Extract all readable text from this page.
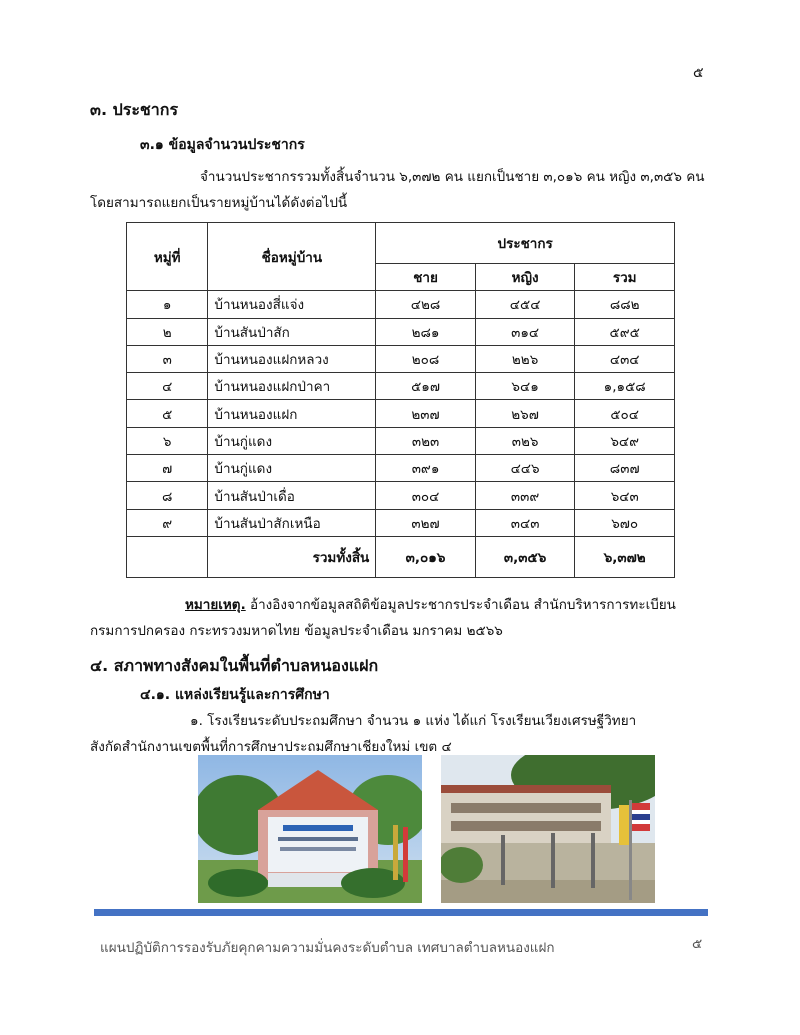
๕
๓. ประชากร
๓.๑ ข้อมูลจำนวนประชากร
จำนวนประชากรรวมทั้งสิ้นจำนวน ๖,๓๗๒ คน แยกเป็นชาย ๓,๐๑๖ คน หญิง ๓,๓๕๖ คน
โดยสามารถแยกเป็นรายหมู่บ้านได้ดังต่อไปนี้
หมู่ที่	ชื่อหมู่บ้าน	ประชากร		
		ชาย	หญิง	รวม
๑	บ้านหนองสี่แจ่ง	๔๒๘	๔๕๔	๘๘๒
๒	บ้านสันป่าสัก	๒๘๑	๓๑๔	๕๙๕
๓	บ้านหนองแฝกหลวง	๒๐๘	๒๒๖	๔๓๔
๔	บ้านหนองแฝกป่าคา	๕๑๗	๖๔๑	๑,๑๕๘
๕	บ้านหนองแฝก	๒๓๗	๒๖๗	๕๐๔
๖	บ้านกู่แดง	๓๒๓	๓๒๖	๖๔๙
๗	บ้านกู่แดง	๓๙๑	๔๔๖	๘๓๗
๘	บ้านสันป่าเดื่อ	๓๐๔	๓๓๙	๖๔๓
๙	บ้านสันป่าสักเหนือ	๓๒๗	๓๔๓	๖๗๐
	รวมทั้งสิ้น	๓,๐๑๖	๓,๓๕๖	๖,๓๗๒
หมายเหตุ. อ้างอิงจากข้อมูลสถิติข้อมูลประชากรประจำเดือน สำนักบริหารการทะเบียน
กรมการปกครอง กระทรวงมหาดไทย ข้อมูลประจำเดือน มกราคม ๒๕๖๖
๔. สภาพทางสังคมในพื้นที่ตำบลหนองแฝก
๔.๑. แหล่งเรียนรู้และการศึกษา
๑. โรงเรียนระดับประถมศึกษา จำนวน ๑ แห่ง ได้แก่ โรงเรียนเวียงเศรษฐีวิทยา
สังกัดสำนักงานเขตพื้นที่การศึกษาประถมศึกษาเชียงใหม่ เขต ๔
แผนปฏิบัติการรองรับภัยคุกคามความมั่นคงระดับตำบล เทศบาลตำบลหนองแฝก	๕
